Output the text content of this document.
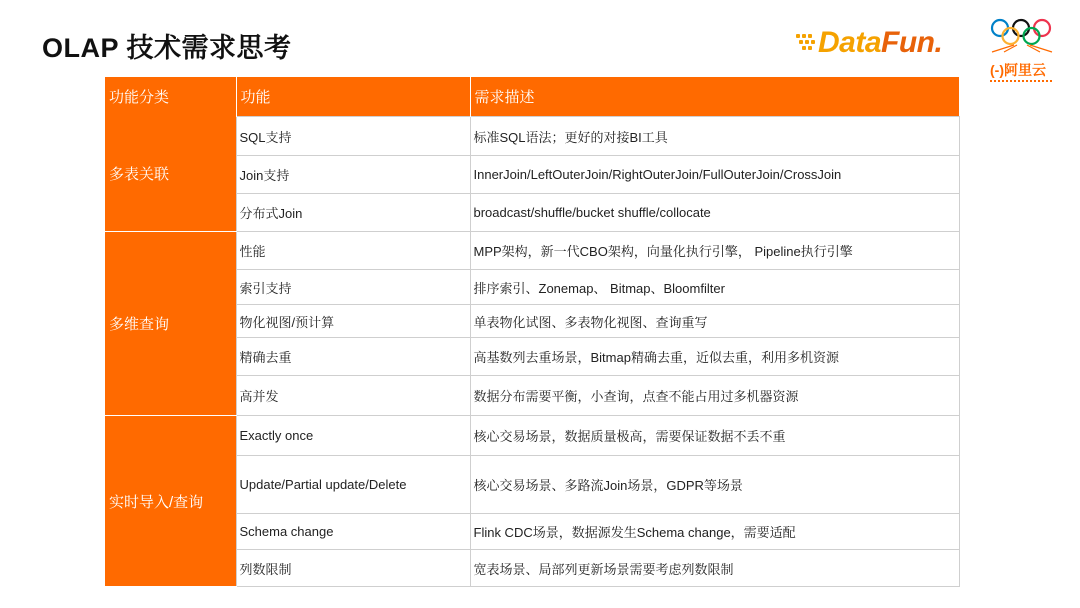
OLAP 技术需求思考	DataFun.
(-)阿里云
功能分类	功能	需求描述
多表关联	SQL支持	标准SQL语法；更好的对接BI工具
	Join支持	InnerJoin/LeftOuterJoin/RightOuterJoin/FullOuterJoin/CrossJoin
	分布式Join	broadcast/shuffle/bucket shuffle/collocate
多维查询	性能	MPP架构，新一代CBO架构，向量化执行引擎， Pipeline执行引擎
	索引支持	排序索引、Zonemap、 Bitmap、Bloomfilter
	物化视图/预计算	单表物化试图、多表物化视图、查询重写
	精确去重	高基数列去重场景，Bitmap精确去重，近似去重，利用多机资源
	高并发	数据分布需要平衡，小查询，点查不能占用过多机器资源
实时导入/查询	Exactly once	核心交易场景，数据质量极高，需要保证数据不丢不重
	Update/Partial update/Delete	核心交易场景、多路流Join场景，GDPR等场景
	Schema change	Flink CDC场景，数据源发生Schema change，需要适配
	列数限制	宽表场景、局部列更新场景需要考虑列数限制
